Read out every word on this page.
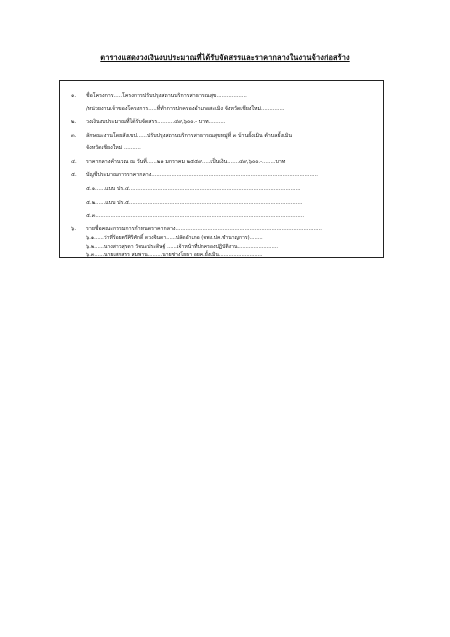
ตารางแสดงวงเงินงบประมาณที่ได้รับจัดสรรและราคากลางในงานจ้างก่อสร้าง
๑. ชื่อโครงการ.....โครงการปรับปรุงสถานบริการสาธารณสุข..................
/หน่วยงานเจ้าของโครงการ.....ที่ทำการปกครองอำเภอสะเมิง จังหวัดเชียงใหม่..............
๒. วงเงินงบประมาณที่ได้รับจัดสรร..........๔๙,๖๐๐.- บาท..........
๓. ลักษณะงานโดยสังเขป......ปรับปรุงสถานบริการสาธารณสุขหมู่ที่ ๓ บ้านยั้งเมิน ตำบลยั้งเมิน
จังหวัดเชียงใหม่ ..........
๔. ราคากลางคำนวณ ณ วันที่......๒๑ มกราคม ๒๕๕๙.....เป็นเงิน.......๔๙,๖๐๐.-........บาท
๕. บัญชีประมาณการราคากลาง...................................................................................................
๕.๑......แบบ ปร.๔......................................................................................................
๕.๒......แบบ ปร.๕.......................................................................................................
๕.๓............................................................................................................................
๖. รายชื่อคณะกรรมการกำหนดราคากลาง.......................................................................................
๖.๑......ว่าที่ร้อยตรีศิริศักดิ์ ดวงจินดา......ปลัดอำเภอ (จพง.ปค.ชำนาญการ)........
๖.๒......นางสาวสุรดา วัจนะประดิษฐ์ ......เจ้าหน้าที่ปกครองปฏิบัติงาน.........................
๖.๓......นายเสกสรร สมพาน.........นายช่างโยธา อยค.ยั้งเมิน...........................
